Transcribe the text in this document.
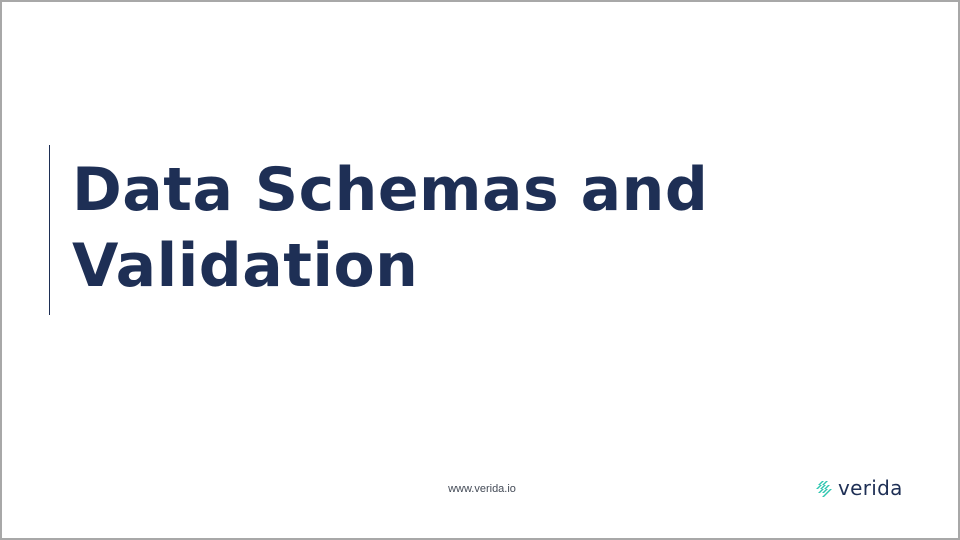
Data Schemas and
Validation
www.verida.io	verida
